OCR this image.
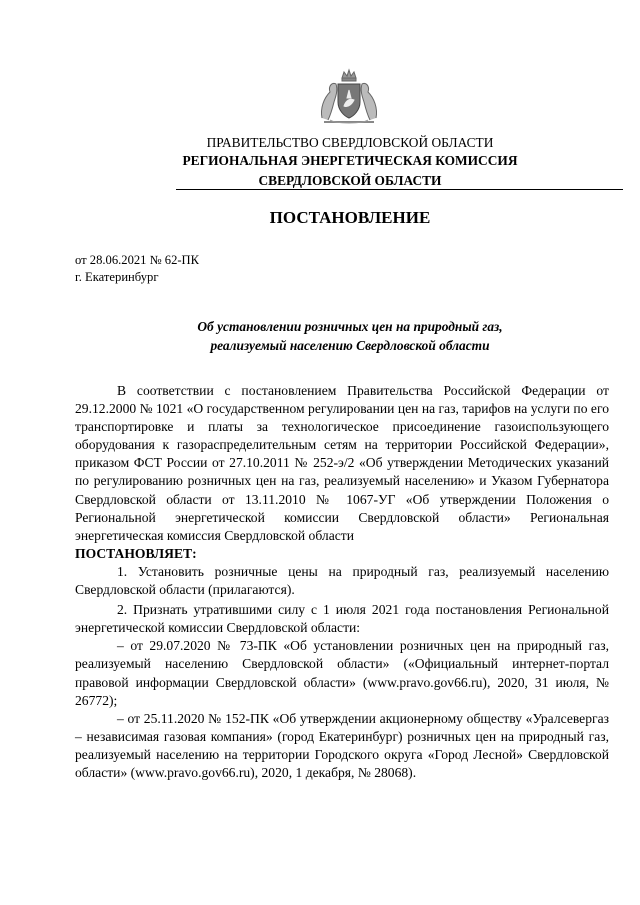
ПРАВИТЕЛЬСТВО СВЕРДЛОВСКОЙ ОБЛАСТИ
РЕГИОНАЛЬНАЯ ЭНЕРГЕТИЧЕСКАЯ КОМИССИЯ
СВЕРДЛОВСКОЙ ОБЛАСТИ
ПОСТАНОВЛЕНИЕ
от 28.06.2021 № 62-ПК
г. Екатеринбург
Об установлении розничных цен на природный газ,
реализуемый населению Свердловской области

В соответствии с постановлением Правительства Российской Федерации от 29.12.2000 № 1021 «О государственном регулировании цен на газ, тарифов на услуги по его транспортировке и платы за технологическое присоединение газоиспользующего оборудования к газораспределительным сетям на территории Российской Федерации», приказом ФСТ России от 27.10.2011 № 252-э/2 «Об утверждении Методических указаний по регулированию розничных цен на газ, реализуемый населению» и Указом Губернатора Свердловской области от 13.11.2010 № 1067-УГ «Об утверждении Положения о Региональной энергетической комиссии Свердловской области» Региональная энергетическая комиссия Свердловской области

ПОСТАНОВЛЯЕТ:

1. Установить розничные цены на природный газ, реализуемый населению Свердловской области (прилагаются).

2. Признать утратившими силу с 1 июля 2021 года постановления Региональной энергетической комиссии Свердловской области:

– от 29.07.2020 № 73-ПК «Об установлении розничных цен на природный газ, реализуемый населению Свердловской области» («Официальный интернет-портал правовой информации Свердловской области» (www.pravo.gov66.ru), 2020, 31 июля, № 26772);

– от 25.11.2020 № 152-ПК «Об утверждении акционерному обществу «Уралсевергаз – независимая газовая компания» (город Екатеринбург) розничных цен на природный газ, реализуемый населению на территории Городского округа «Город Лесной» Свердловской области» (www.pravo.gov66.ru), 2020, 1 декабря, № 28068).
